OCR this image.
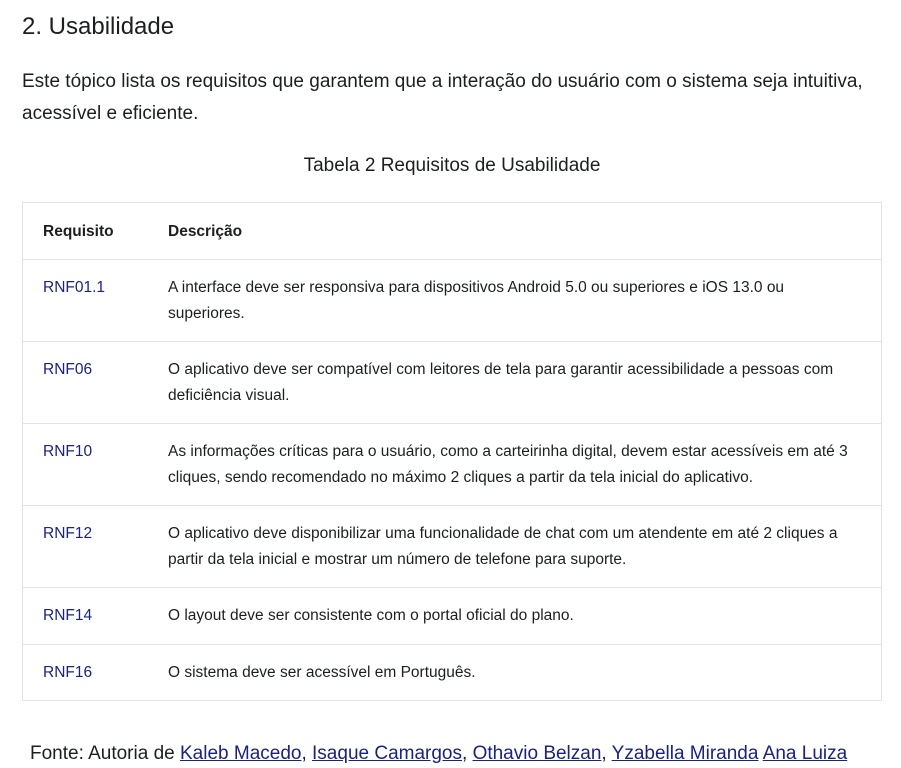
2. Usabilidade

Este tópico lista os requisitos que garantem que a interação do usuário com o sistema seja intuitiva, acessível e eficiente.

Tabela 2 Requisitos de Usabilidade
Requisito	Descrição
RNF01.1	A interface deve ser responsiva para dispositivos Android 5.0 ou superiores e iOS 13.0 ou superiores.
RNF06	O aplicativo deve ser compatível com leitores de tela para garantir acessibilidade a pessoas com deficiência visual.
RNF10	As informações críticas para o usuário, como a carteirinha digital, devem estar acessíveis em até 3 cliques, sendo recomendado no máximo 2 cliques a partir da tela inicial do aplicativo.
RNF12	O aplicativo deve disponibilizar uma funcionalidade de chat com um atendente em até 2 cliques a partir da tela inicial e mostrar um número de telefone para suporte.
RNF14	O layout deve ser consistente com o portal oficial do plano.
RNF16	O sistema deve ser acessível em Português.
Fonte: Autoria de Kaleb Macedo, Isaque Camargos, Othavio Belzan, Yzabella Miranda Ana Luiza
